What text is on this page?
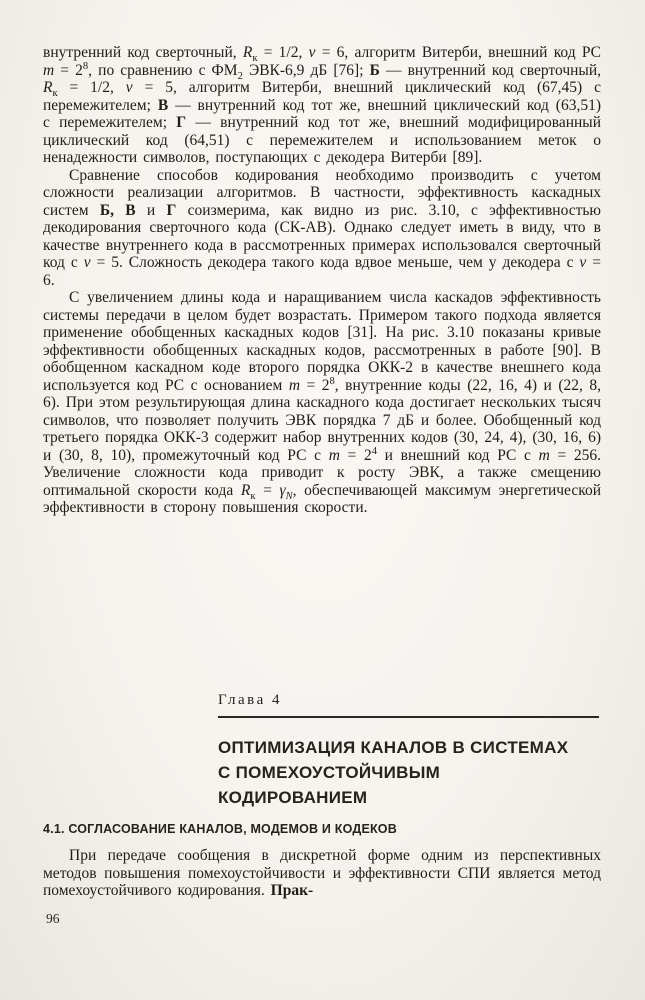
внутренний код сверточный, $R_к = 1/2$, ν = 6, алгоритм Витерби, внешний код РС $m = 2^8$, по сравнению с $ФМ_2$ ЭВК-6,9 дБ [76]; Б — внутренний код сверточный, $R_к = 1/2$, ν = 5, алгоритм Витерби, внешний циклический код (67,45) с перемежителем; В — внутренний код тот же, внешний циклический код (63,51) с перемежителем; Г — внутренний код тот же, внешний модифицированный циклический код (64,51) с перемежителем и использованием меток о ненадежности символов, поступающих с декодера Витерби [89].

Сравнение способов кодирования необходимо производить с учетом сложности реализации алгоритмов. В частности, эффективность каскадных систем Б, В и Г соизмерима, как видно из рис. 3.10, с эффективностью декодирования сверточного кода (СК-АВ). Однако следует иметь в виду, что в качестве внутреннего кода в рассмотренных примерах использовался сверточный код с ν = 5. Сложность декодера такого кода вдвое меньше, чем у декодера с ν = 6.

С увеличением длины кода и наращиванием числа каскадов эффективность системы передачи в целом будет возрастать. Примером такого подхода является применение обобщенных каскадных кодов [31]. На рис. 3.10 показаны кривые эффективности обобщенных каскадных кодов, рассмотренных в работе [90]. В обобщенном каскадном коде второго порядка ОКК-2 в качестве внешнего кода используется код РС с основанием $m = 2^8$, внутренние коды (22, 16, 4) и (22, 8, 6). При этом результирующая длина каскадного кода достигает нескольких тысяч символов, что позволяет получить ЭВК порядка 7 дБ и более. Обобщенный код третьего порядка ОКК-3 содержит набор внутренних кодов (30, 24, 4), (30, 16, 6) и (30, 8, 10), промежуточный код РС с $m = 2^4$ и внешний код РС с m = 256. Увеличение сложности кода приводит к росту ЭВК, а также смещению оптимальной скорости кода $R_к = \gamma_N$, обеспечивающей максимум энергетической эффективности в сторону повышения скорости.

Глава 4
ОПТИМИЗАЦИЯ КАНАЛОВ В СИСТЕМАХ
С ПОМЕХОУСТОЙЧИВЫМ
КОДИРОВАНИЕМ
4.1. СОГЛАСОВАНИЕ КАНАЛОВ, МОДЕМОВ И КОДЕКОВ

При передаче сообщения в дискретной форме одним из перспективных методов повышения помехоустойчивости и эффективности СПИ является метод помехоустойчивого кодирования. Прак-

96
